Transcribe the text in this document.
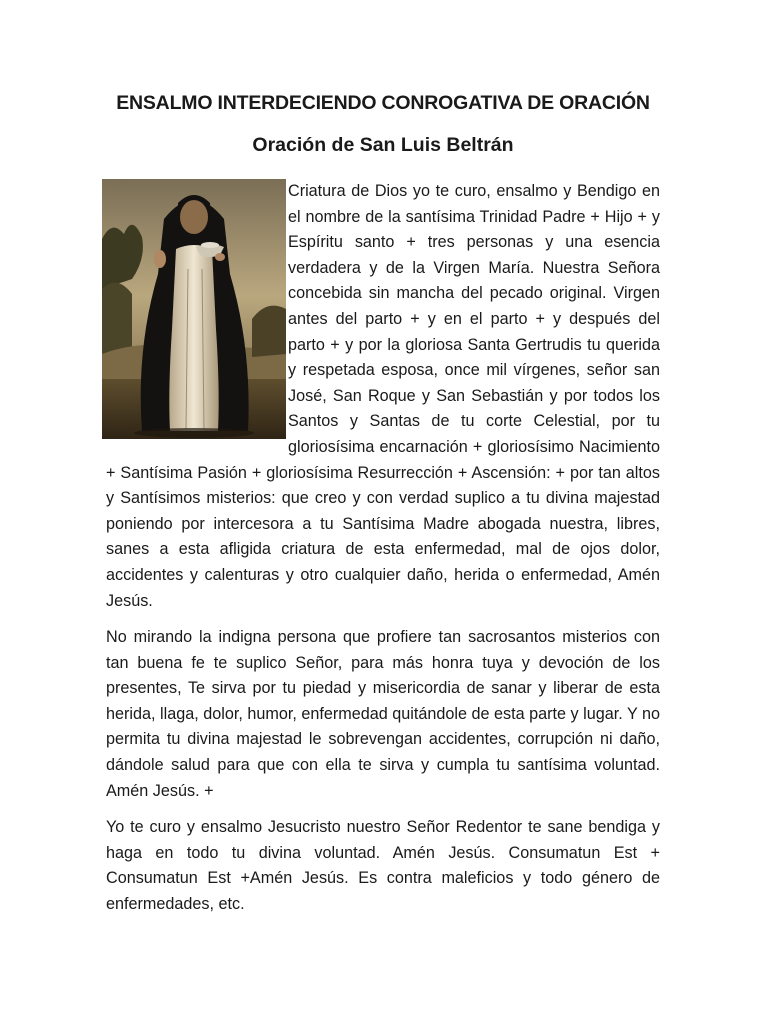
ENSALMO INTERDECIENDO CONROGATIVA DE ORACIÓN
Oración de San Luis Beltrán

Criatura de Dios yo te curo, ensalmo y Bendigo en el nombre de la santísima Trinidad Padre + Hijo + y Espíritu santo + tres personas y una esencia verdadera y de la Virgen María. Nuestra Señora concebida sin mancha del pecado original. Virgen antes del parto + y en el parto + y después del parto + y por la gloriosa Santa Gertrudis tu querida y respetada esposa, once mil vírgenes, señor san José, San Roque y San Sebastián y por todos los Santos y Santas de tu corte Celestial, por tu gloriosísima encarnación + gloriosísimo Nacimiento + Santísima Pasión + gloriosísima Resurrección + Ascensión: + por tan altos y Santísimos misterios: que creo y con verdad suplico a tu divina majestad poniendo por intercesora a tu Santísima Madre abogada nuestra, libres, sanes a esta afligida criatura de esta enfermedad, mal de ojos dolor, accidentes y calenturas y otro cualquier daño, herida o enfermedad, Amén Jesús.

No mirando la indigna persona que profiere tan sacrosantos misterios con tan buena fe te suplico Señor, para más honra tuya y devoción de los presentes, Te sirva por tu piedad y misericordia de sanar y liberar de esta herida, llaga, dolor, humor, enfermedad quitándole de esta parte y lugar. Y no permita tu divina majestad le sobrevengan accidentes, corrupción ni daño, dándole salud para que con ella te sirva y cumpla tu santísima voluntad. Amén Jesús. +

Yo te curo y ensalmo Jesucristo nuestro Señor Redentor te sane bendiga y haga en todo tu divina voluntad. Amén Jesús. Consumatun Est + Consumatun Est +Amén Jesús. Es contra maleficios y todo género de enfermedades, etc.
